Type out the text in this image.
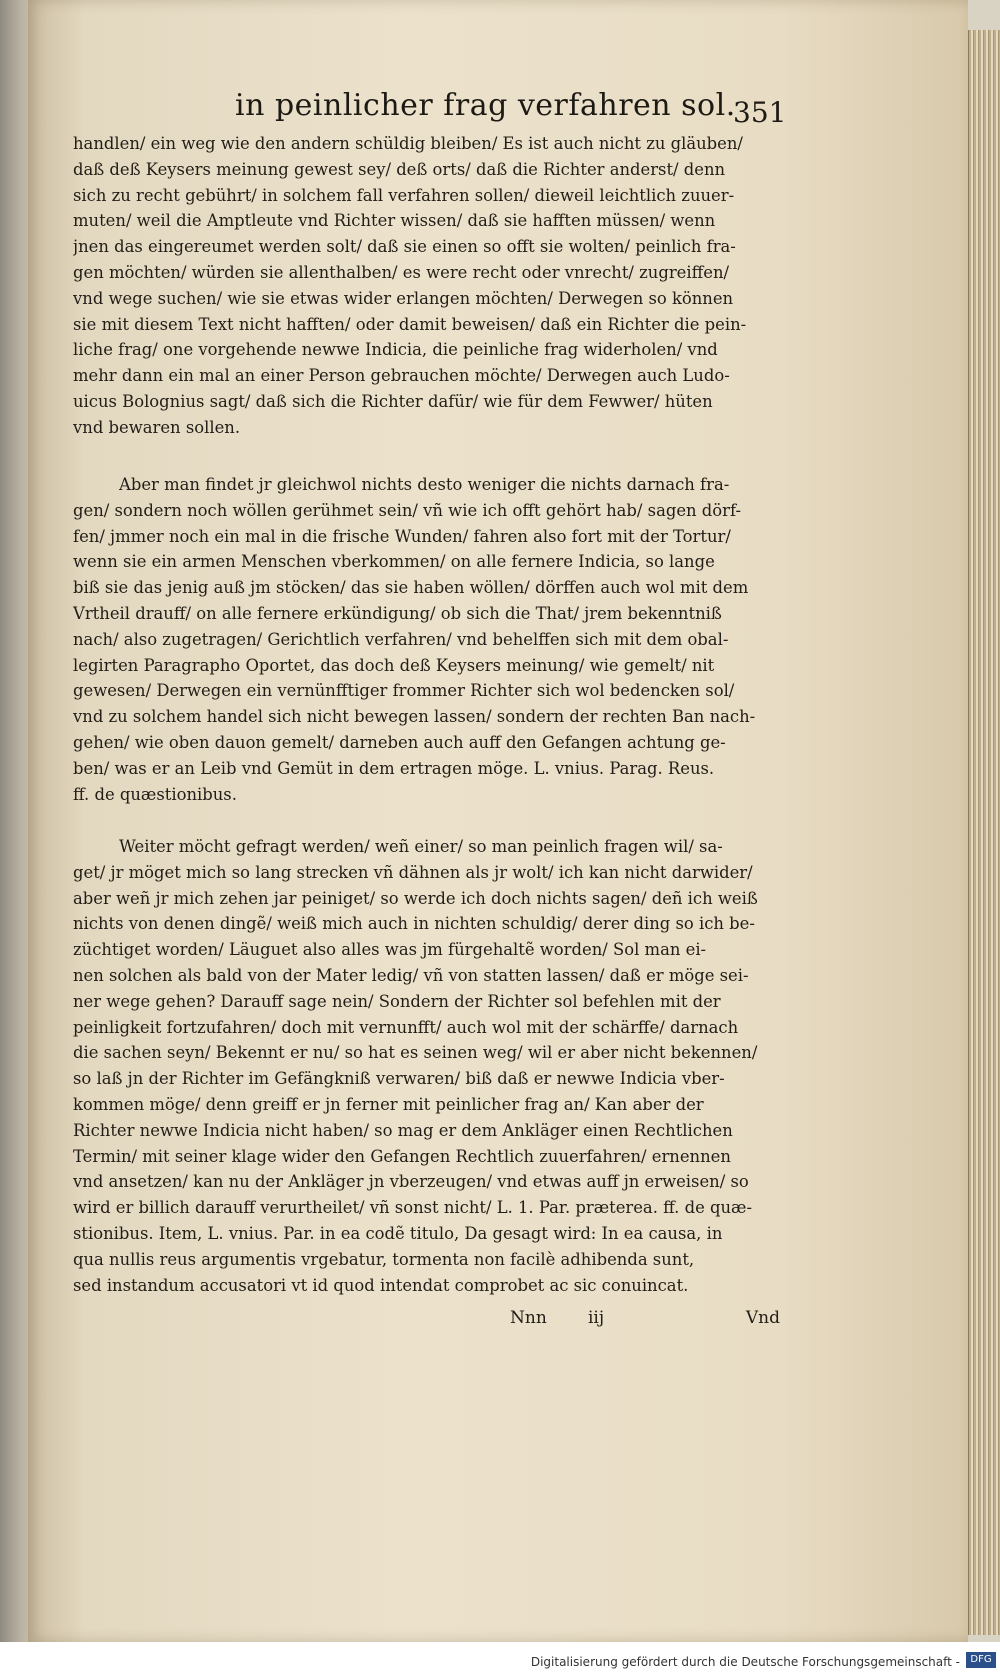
in peinlicher frag verfahren sol.
351
handlen/ ein weg wie den andern schüldig bleiben/ Es ist auch nicht zu gläuben/
daß deß Keysers meinung gewest sey/ deß orts/ daß die Richter anderst/ denn
sich zu recht gebührt/ in solchem fall verfahren sollen/ dieweil leichtlich zuuer-
muten/ weil die Amptleute vnd Richter wissen/ daß sie hafften müssen/ wenn
jnen das eingereumet werden solt/ daß sie einen so offt sie wolten/ peinlich fra-
gen möchten/ würden sie allenthalben/ es were recht oder vnrecht/ zugreiffen/
vnd wege suchen/ wie sie etwas wider erlangen möchten/ Derwegen so können
sie mit diesem Text nicht hafften/ oder damit beweisen/ daß ein Richter die pein-
liche frag/ one vorgehende newwe Indicia, die peinliche frag widerholen/ vnd
mehr dann ein mal an einer Person gebrauchen möchte/ Derwegen auch Ludo-
uicus Bolognius sagt/ daß sich die Richter dafür/ wie für dem Fewwer/ hüten
vnd bewaren sollen.
Aber man findet jr gleichwol nichts desto weniger die nichts darnach fra-
gen/ sondern noch wöllen gerühmet sein/ vñ wie ich offt gehört hab/ sagen dörf-
fen/ jmmer noch ein mal in die frische Wunden/ fahren also fort mit der Tortur/
wenn sie ein armen Menschen vberkommen/ on alle fernere Indicia, so lange
biß sie das jenig auß jm stöcken/ das sie haben wöllen/ dörffen auch wol mit dem
Vrtheil drauff/ on alle fernere erkündigung/ ob sich die That/ jrem bekenntniß
nach/ also zugetragen/ Gerichtlich verfahren/ vnd behelffen sich mit dem obal-
legirten Paragrapho Oportet, das doch deß Keysers meinung/ wie gemelt/ nit
gewesen/ Derwegen ein vernünfftiger frommer Richter sich wol bedencken sol/
vnd zu solchem handel sich nicht bewegen lassen/ sondern der rechten Ban nach-
gehen/ wie oben dauon gemelt/ darneben auch auff den Gefangen achtung ge-
ben/ was er an Leib vnd Gemüt in dem ertragen möge. L. vnius. Parag. Reus.
ff. de quæstionibus.
Weiter möcht gefragt werden/ weñ einer/ so man peinlich fragen wil/ sa-
get/ jr möget mich so lang strecken vñ dähnen als jr wolt/ ich kan nicht darwider/
aber weñ jr mich zehen jar peiniget/ so werde ich doch nichts sagen/ deñ ich weiß
nichts von denen dingẽ/ weiß mich auch in nichten schuldig/ derer ding so ich be-
züchtiget worden/ Läuguet also alles was jm fürgehaltẽ worden/ Sol man ei-
nen solchen als bald von der Mater ledig/ vñ von statten lassen/ daß er möge sei-
ner wege gehen? Darauff sage nein/ Sondern der Richter sol befehlen mit der
peinligkeit fortzufahren/ doch mit vernunfft/ auch wol mit der schärffe/ darnach
die sachen seyn/ Bekennt er nu/ so hat es seinen weg/ wil er aber nicht bekennen/
so laß jn der Richter im Gefängkniß verwaren/ biß daß er newwe Indicia vber-
kommen möge/ denn greiff er jn ferner mit peinlicher frag an/ Kan aber der
Richter newwe Indicia nicht haben/ so mag er dem Ankläger einen Rechtlichen
Termin/ mit seiner klage wider den Gefangen Rechtlich zuuerfahren/ ernennen
vnd ansetzen/ kan nu der Ankläger jn vberzeugen/ vnd etwas auff jn erweisen/ so
wird er billich darauff verurtheilet/ vñ sonst nicht/ L. 1. Par. præterea. ff. de quæ-
stionibus. Item, L. vnius. Par. in ea codẽ titulo, Da gesagt wird: In ea causa, in
qua nullis reus argumentis vrgebatur, tormenta non facilè adhibenda sunt,
sed instandum accusatori vt id quod intendat comprobet ac sic conuincat.
Nnn iij	Vnd
Digitalisierung gefördert durch die Deutsche Forschungsgemeinschaft -	DFG
